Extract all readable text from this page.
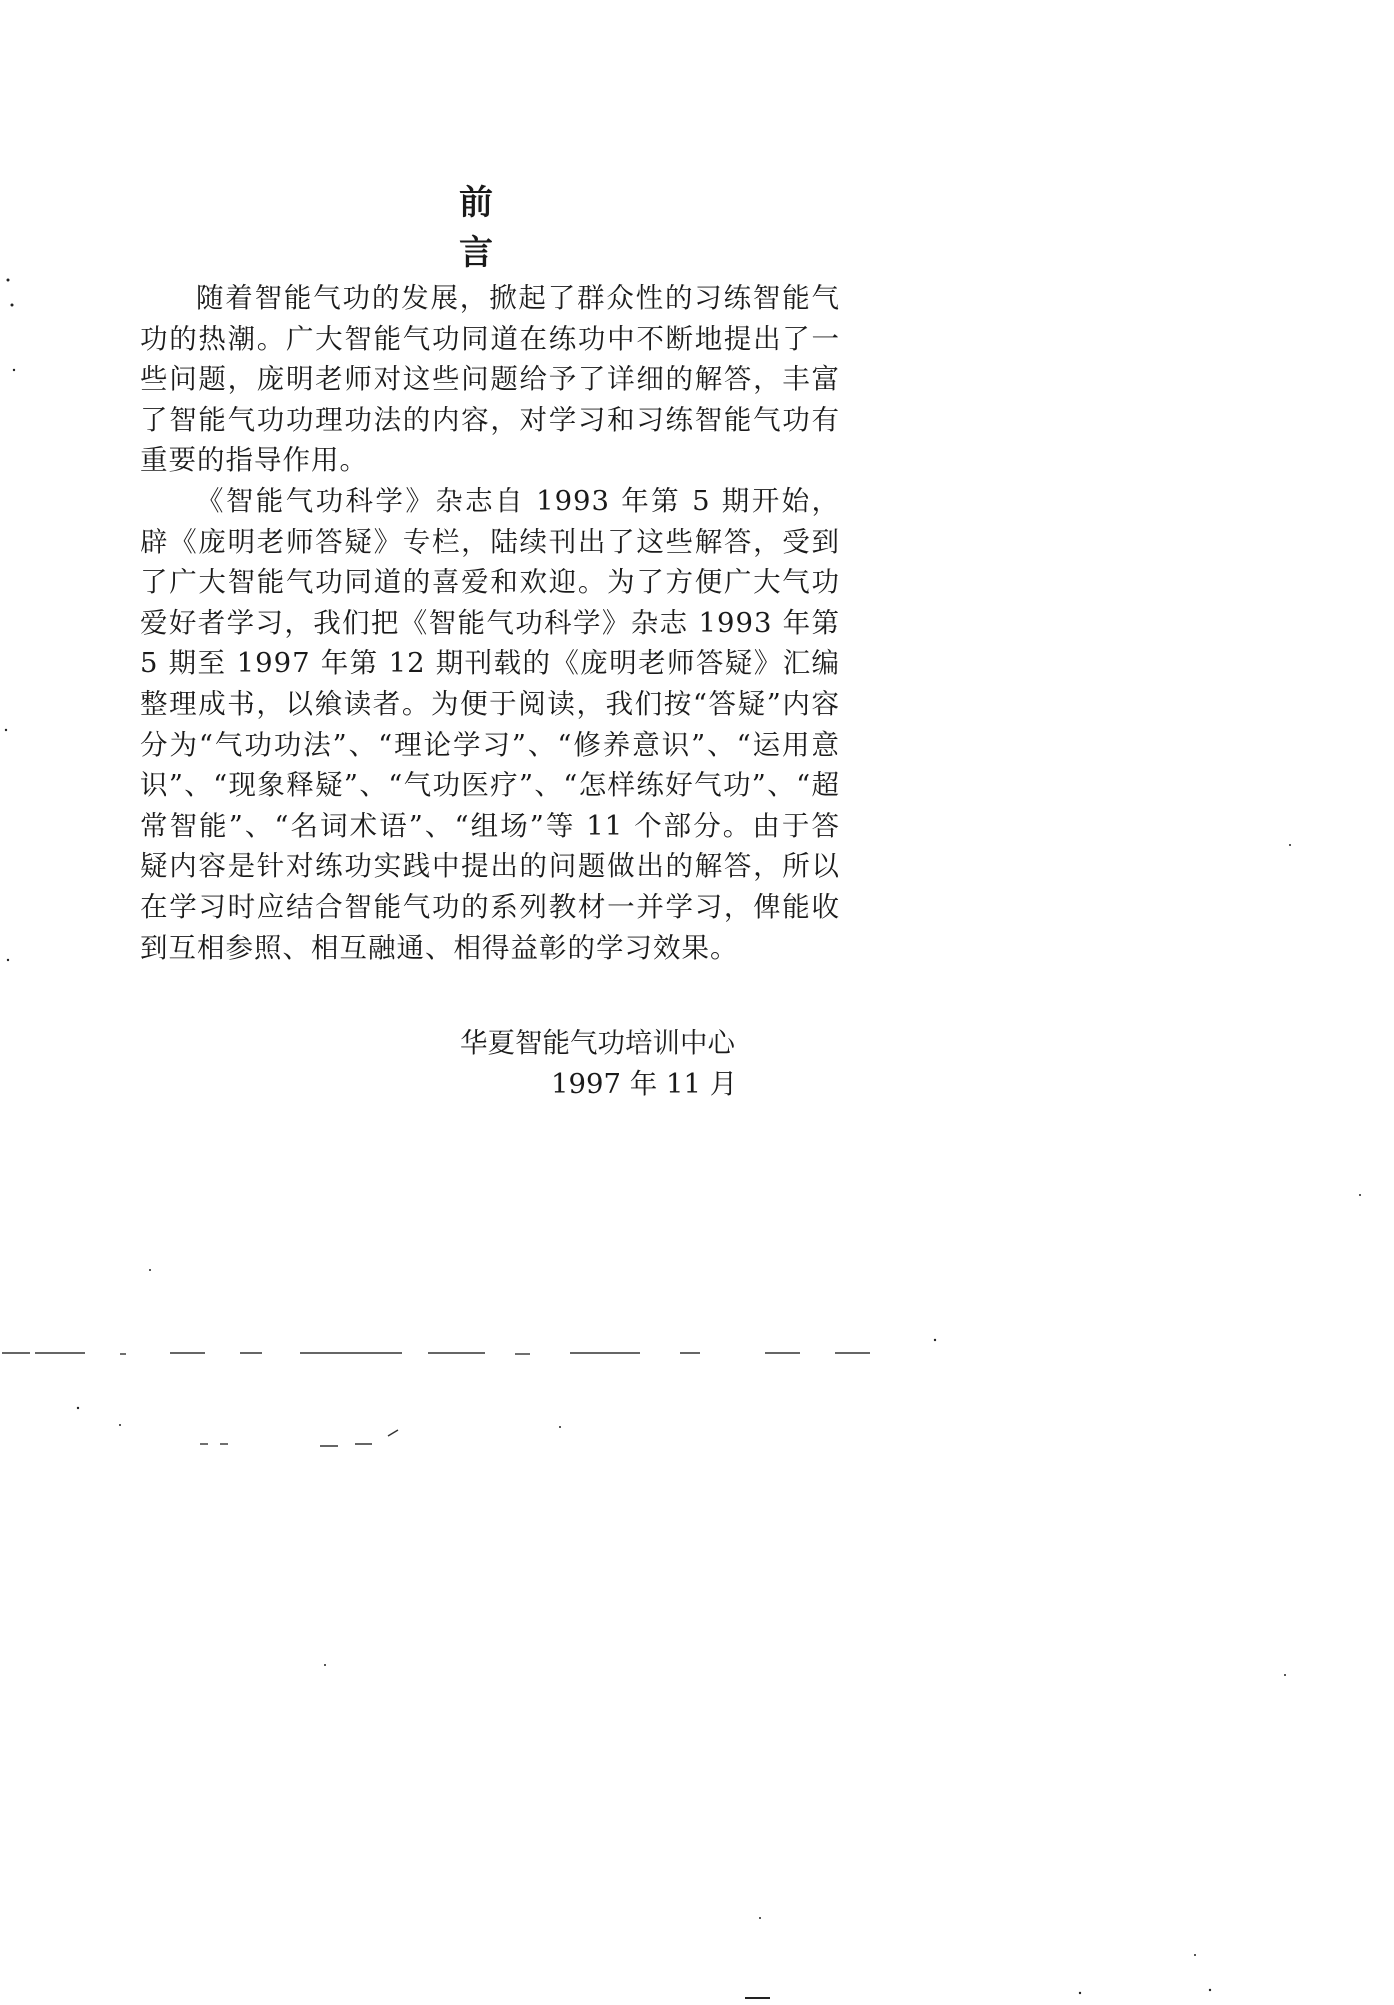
前 言

随着智能气功的发展，掀起了群众性的习练智能气功的热潮。广大智能气功同道在练功中不断地提出了一些问题，庞明老师对这些问题给予了详细的解答，丰富了智能气功功理功法的内容，对学习和习练智能气功有重要的指导作用。

《智能气功科学》杂志自 1993 年第 5 期开始，辟《庞明老师答疑》专栏，陆续刊出了这些解答，受到了广大智能气功同道的喜爱和欢迎。为了方便广大气功爱好者学习，我们把《智能气功科学》杂志 1993 年第 5 期至 1997 年第 12 期刊载的《庞明老师答疑》汇编整理成书，以飨读者。为便于阅读，我们按“答疑”内容分为“气功功法”、“理论学习”、“修养意识”、“运用意识”、“现象释疑”、“气功医疗”、“怎样练好气功”、“超常智能”、“名词术语”、“组场”等 11 个部分。由于答疑内容是针对练功实践中提出的问题做出的解答，所以在学习时应结合智能气功的系列教材一并学习，俾能收到互相参照、相互融通、相得益彰的学习效果。

华夏智能气功培训中心
1997 年 11 月
